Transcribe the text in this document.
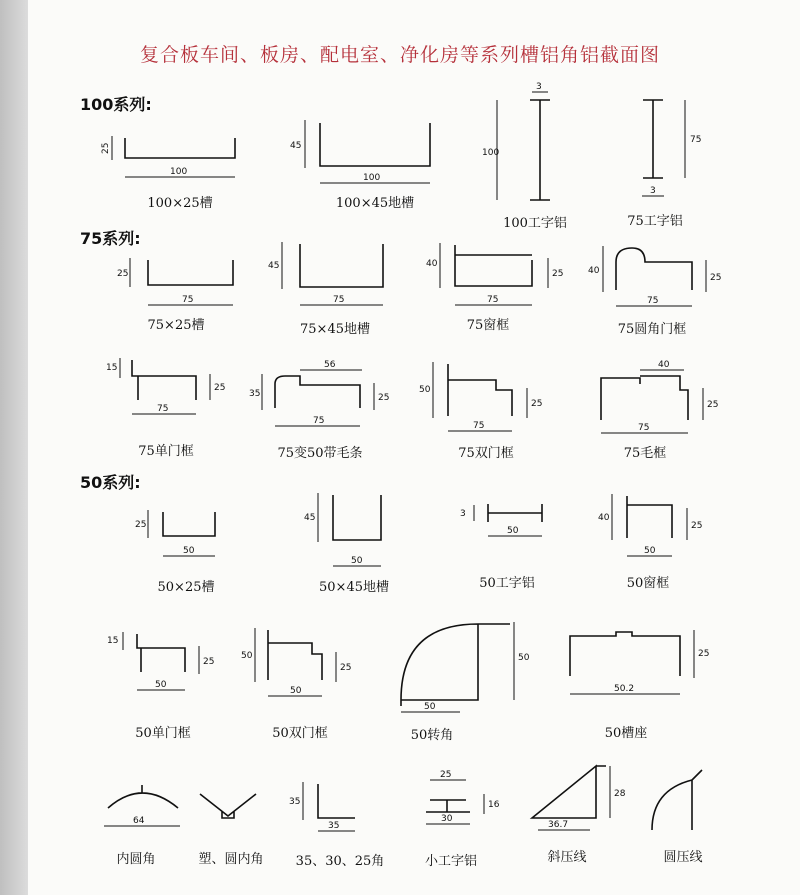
复合板车间、板房、配电室、净化房等系列槽铝角铝截面图
100系列:
75系列:
50系列:
25
100
45
100
3
100
75
3
25
75
45
75
40
25
75
40
25
75
15
25
75
56
35	25
75
50
25
75
40
25
75
25
50
45
50
3
50
40
25
50
15
25
50
50
25
50
50
50
25
50.2
64
35
35
25
16
30
28
36.7
100×25槽	100×45地槽
100工字铝	75工字铝
75×25槽	75×45地槽	75窗框	75圆角门框
75单门框	75变50带毛条	75双门框	75毛框
50×25槽	50×45地槽	50工字铝	50窗框
50单门框	50双门框	50转角	50槽座
内圆角	塑、圆内角 35、30、25角	小工字铝	斜压线	圆压线
